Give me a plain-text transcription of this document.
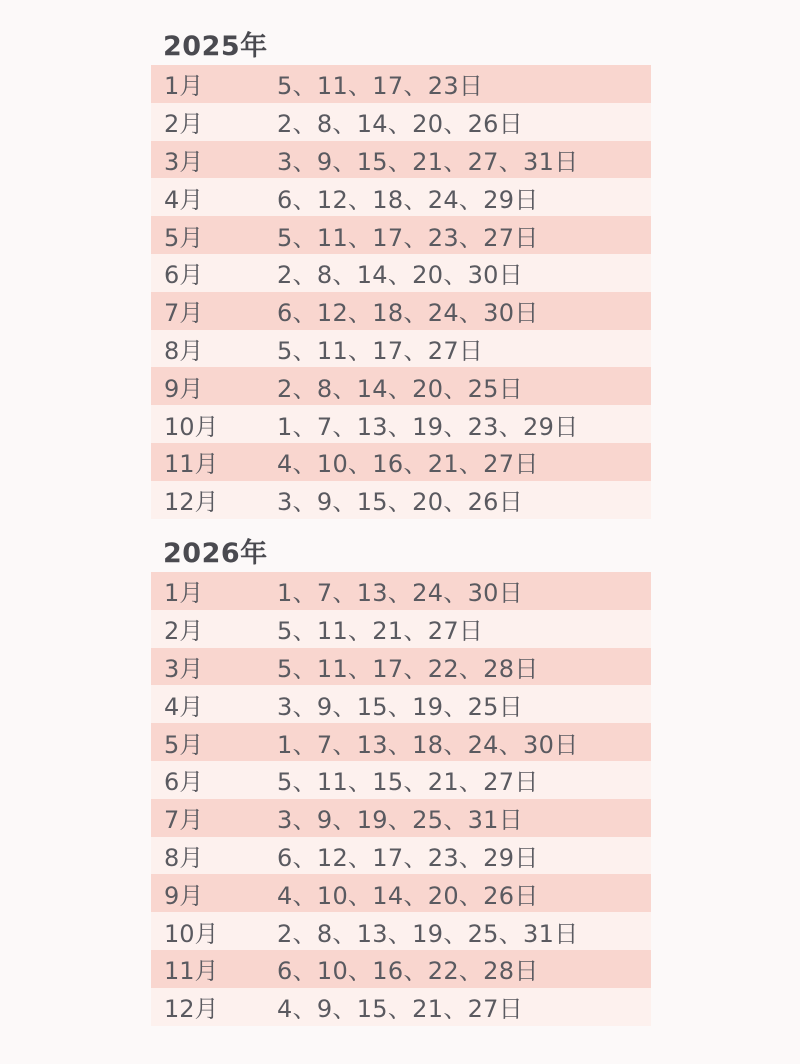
2025年
1月	5、11、17、23日
2月	2、8、14、20、26日
3月	3、9、15、21、27、31日
4月	6、12、18、24、29日
5月	5、11、17、23、27日
6月	2、8、14、20、30日
7月	6、12、18、24、30日
8月	5、11、17、27日
9月	2、8、14、20、25日
10月	1、7、13、19、23、29日
11月	4、10、16、21、27日
12月	3、9、15、20、26日
2026年
1月	1、7、13、24、30日
2月	5、11、21、27日
3月	5、11、17、22、28日
4月	3、9、15、19、25日
5月	1、7、13、18、24、30日
6月	5、11、15、21、27日
7月	3、9、19、25、31日
8月	6、12、17、23、29日
9月	4、10、14、20、26日
10月	2、8、13、19、25、31日
11月	6、10、16、22、28日
12月	4、9、15、21、27日
